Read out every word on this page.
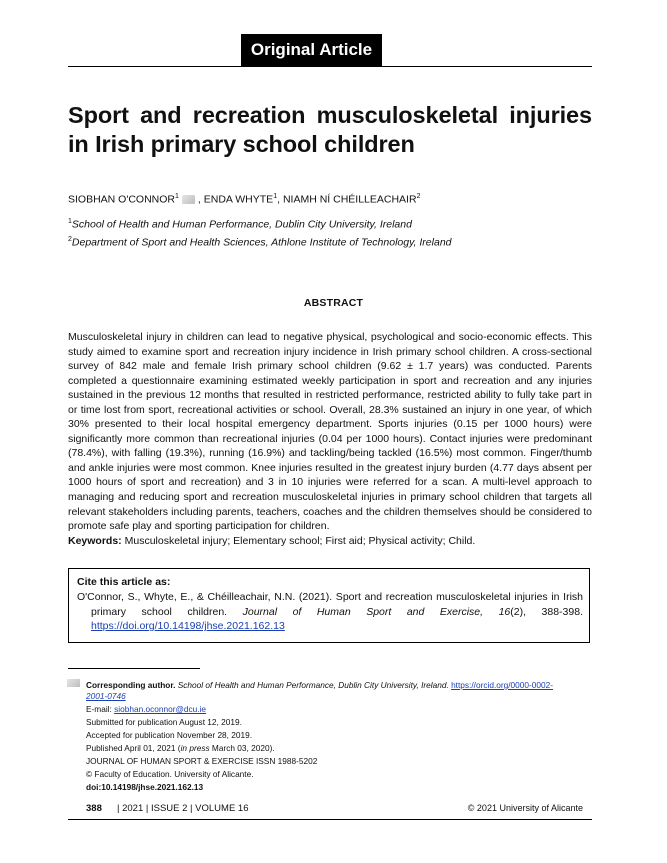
Original Article
Sport and recreation musculoskeletal injuries in Irish primary school children
SIOBHAN O'CONNOR$^1$ , ENDA WHYTE$^1$, NIAMH NÍ CHÉILLEACHAIR$^2$
$^1$School of Health and Human Performance, Dublin City University, Ireland
$^2$Department of Sport and Health Sciences, Athlone Institute of Technology, Ireland
ABSTRACT
Musculoskeletal injury in children can lead to negative physical, psychological and socio-economic effects. This study aimed to examine sport and recreation injury incidence in Irish primary school children. A cross-sectional survey of 842 male and female Irish primary school children (9.62 ± 1.7 years) was conducted. Parents completed a questionnaire examining estimated weekly participation in sport and recreation and any injuries sustained in the previous 12 months that resulted in restricted performance, restricted ability to fully take part in or time lost from sport, recreational activities or school. Overall, 28.3% sustained an injury in one year, of which 30% presented to their local hospital emergency department. Sports injuries (0.15 per 1000 hours) were significantly more common than recreational injuries (0.04 per 1000 hours). Contact injuries were predominant (78.4%), with falling (19.3%), running (16.9%) and tackling/being tackled (16.5%) most common. Finger/thumb and ankle injuries were most common. Knee injuries resulted in the greatest injury burden (4.77 days absent per 1000 hours of sport and recreation) and 3 in 10 injuries were referred for a scan. A multi-level approach to managing and reducing sport and recreation musculoskeletal injuries in primary school children that targets all relevant stakeholders including parents, teachers, coaches and the children themselves should be considered to promote safe play and sporting participation for children.
Keywords: Musculoskeletal injury; Elementary school; First aid; Physical activity; Child.
Cite this article as:
O'Connor, S., Whyte, E., & Chéilleachair, N.N. (2021). Sport and recreation musculoskeletal injuries in Irish primary school children. Journal of Human Sport and Exercise, 16(2), 388-398. https://doi.org/10.14198/jhse.2021.162.13
Corresponding author. School of Health and Human Performance, Dublin City University, Ireland. https://orcid.org/0000-0002-
2001-0746
E-mail: siobhan.oconnor@dcu.ie
Submitted for publication August 12, 2019.
Accepted for publication November 28, 2019.
Published April 01, 2021 (in press March 03, 2020).
JOURNAL OF HUMAN SPORT & EXERCISE ISSN 1988-5202
© Faculty of Education. University of Alicante.
doi:10.14198/jhse.2021.162.13
388 | 2021 | ISSUE 2 | VOLUME 16	© 2021 University of Alicante
